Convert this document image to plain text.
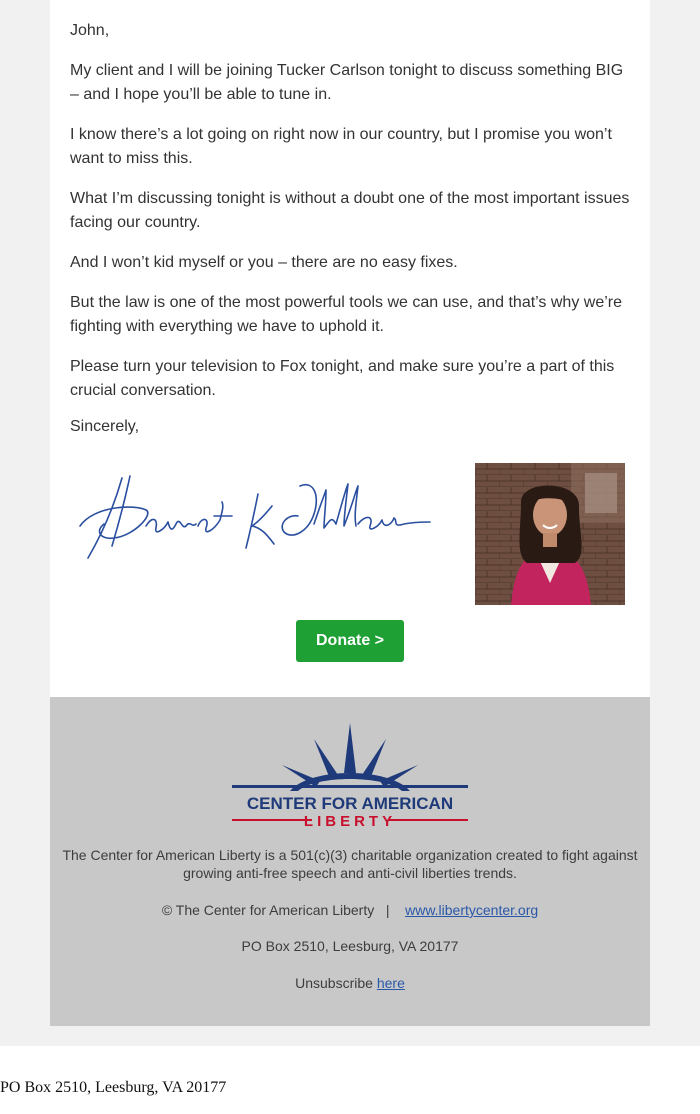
John,

My client and I will be joining Tucker Carlson tonight to discuss something BIG – and I hope you’ll be able to tune in.

I know there’s a lot going on right now in our country, but I promise you won’t want to miss this.

What I’m discussing tonight is without a doubt one of the most important issues facing our country.

And I won’t kid myself or you – there are no easy fixes.

But the law is one of the most powerful tools we can use, and that’s why we’re fighting with everything we have to uphold it.

Please turn your television to Fox tonight, and make sure you’re a part of this crucial conversation.

Sincerely,

Donate >
CENTER FOR AMERICAN
LIBERTY
The Center for American Liberty is a 501(c)(3) charitable organization created to fight against growing anti-free speech and anti-civil liberties trends.
© The Center for American Liberty | www.libertycenter.org
PO Box 2510, Leesburg, VA 20177
Unsubscribe here
PO Box 2510, Leesburg, VA 20177
